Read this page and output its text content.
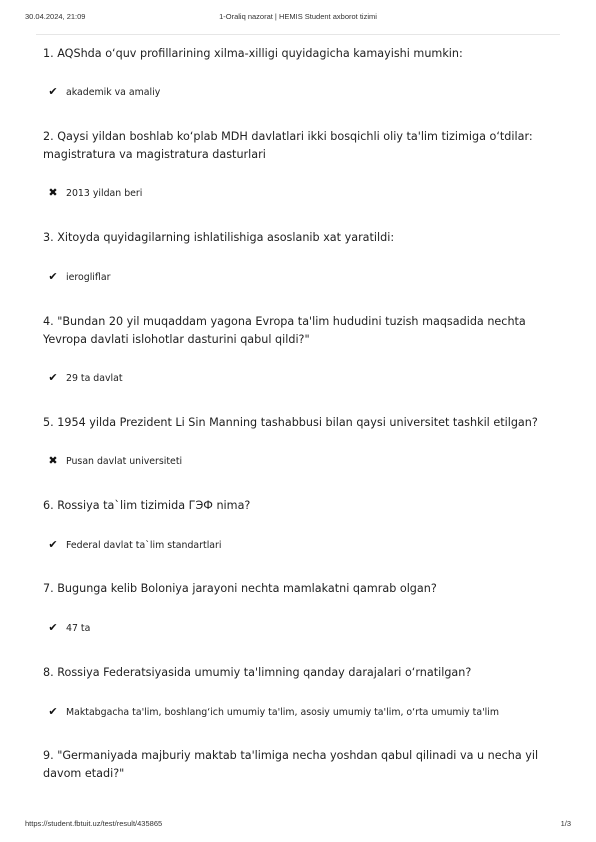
30.04.2024, 21:09	1-Oraliq nazorat | HEMIS Student axborot tizimi

1. AQShda o‘quv profillarining xilma-xilligi quyidagicha kamayishi mumkin:

✔ akademik va amaliy

2. Qaysi yildan boshlab ko‘plab MDH davlatlari ikki bosqichli oliy ta'lim tizimiga o‘tdilar: magistratura va magistratura dasturlari

✖ 2013 yildan beri

3. Xitoyda quyidagilarning ishlatilishiga asoslanib xat yaratildi:

✔ ierogliflar

4. "Bundan 20 yil muqaddam yagona Evropa ta'lim hududini tuzish maqsadida nechta Yevropa davlati islohotlar dasturini qabul qildi?"

✔ 29 ta davlat

5. 1954 yilda Prezident Li Sin Manning tashabbusi bilan qaysi universitet tashkil etilgan?

✖ Pusan davlat universiteti

6. Rossiya ta`lim tizimida ГЭФ nima?

✔ Federal davlat ta`lim standartlari

7. Bugunga kelib Boloniya jarayoni nechta mamlakatni qamrab olgan?

✔ 47 ta

8. Rossiya Federatsiyasida umumiy ta'limning qanday darajalari o‘rnatilgan?

✔ Maktabgacha ta'lim, boshlang‘ich umumiy ta'lim, asosiy umumiy ta'lim, o‘rta umumiy ta'lim

9. "Germaniyada majburiy maktab ta'limiga necha yoshdan qabul qilinadi va u necha yil davom etadi?"

https://student.fbtuit.uz/test/result/435865	1/3
